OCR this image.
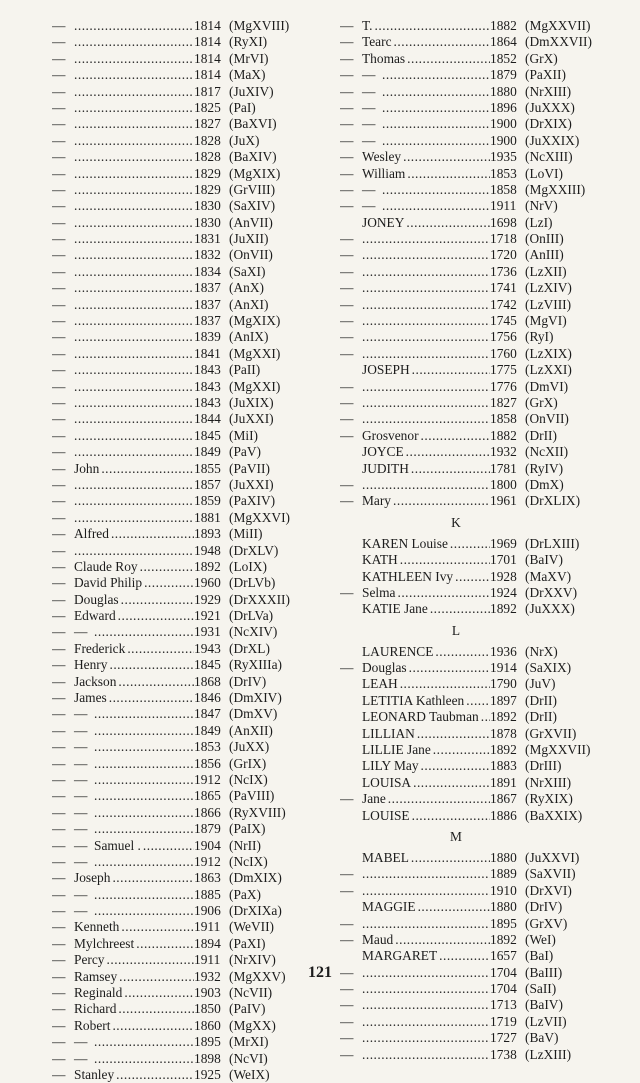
— .....	1814 (MgXVIII)
— .....	1814 (RyXI)
— .....	1814 (MrVI)
— .....	1814 (MaX)
— .....	1817 (JuXIV)
— .....	1825 (PaI)
— .....	1827 (BaXVI)
— .....	1828 (JuX)
— .....	1828 (BaXIV)
— .....	1829 (MgXIX)
— .....	1829 (GrVIII)
— .....	1830 (SaXIV)
— .....	1830 (AnVII)
— .....	1831 (JuXII)
— .....	1832 (OnVII)
— .....	1834 (SaXI)
— .....	1837 (AnX)
— .....	1837 (AnXI)
— .....	1837 (MgXIX)
— .....	1839 (AnIX)
— .....	1841 (MgXXI)
— .....	1843 (PaII)
— .....	1843 (MgXXI)
— .....	1843 (JuXIX)
— .....	1844 (JuXXI)
— .....	1845 (MiI)
— .....	1849 (PaV)
— John .....	1855 (PaVII)
— .....	1857 (JuXXI)
— .....	1859 (PaXIV)
— .....	1881 (MgXXVI)
— Alfred .....	1893 (MiII)
— .....	1948 (DrXLV)
— Claude Roy .....	1892 (LoIX)
— David Philip .....	1960 (DrLVb)
— Douglas .....	1929 (DrXXXII)
— Edward .....	1921 (DrLVa)
— — .....	1931 (NcXIV)
— Frederick .....	1943 (DrXL)
— Henry .....	1845 (RyXIIIa)
— Jackson .....	1868 (DrIV)
— James .....	1846 (DmXIV)
— — .....	1847 (DmXV)
— — .....	1849 (AnXII)
— — .....	1853 (JuXX)
— — .....	1856 (GrIX)
— — .....	1912 (NcIX)
— — .....	1865 (PaVIII)
— — .....	1866 (RyXVIII)
— — .....	1879 (PaIX)
— — Samuel . .....	1904 (NrII)
— — .....	1912 (NcIX)
— Joseph .....	1863 (DmXIX)
— — .....	1885 (PaX)
— — .....	1906 (DrXIXa)
— Kenneth .....	1911 (WeVII)
— Mylchreest .....	1894 (PaXI)
— Percy .....	1911 (NrXIV)
— Ramsey .....	1932 (MgXXV)
— Reginald .....	1903 (NcVII)
— Richard .....	1850 (PaIV)
— Robert .....	1860 (MgXX)
— — .....	1895 (MrXI)
— — .....	1898 (NcVI)
— Stanley .....	1925 (WeIX)
— T. .....	1882 (MgXXVII)
— Tearc .....	1864 (DmXXVII)
— Thomas .....	1852 (GrX)
— — .....	1879 (PaXII)
— — .....	1880 (NrXIII)
— — .....	1896 (JuXXX)
— — .....	1900 (DrXIX)
— — .....	1900 (JuXXIX)
— Wesley .....	1935 (NcXIII)
— William .....	1853 (LoVI)
— — .....	1858 (MgXXIII)
— — .....	1911 (NrV)
JONEY .....	1698 (LzI)
— .....	1718 (OnIII)
— .....	1720 (AnIII)
— .....	1736 (LzXII)
— .....	1741 (LzXIV)
— .....	1742 (LzVIII)
— .....	1745 (MgVI)
— .....	1756 (RyI)
— .....	1760 (LzXIX)
JOSEPH .....	1775 (LzXXI)
— .....	1776 (DmVI)
— .....	1827 (GrX)
— .....	1858 (OnVII)
— Grosvenor .....	1882 (DrII)
JOYCE .....	1932 (NcXII)
JUDITH .....	1781 (RyIV)
— .....	1800 (DmX)
— Mary .....	1961 (DrXLIX)
K
KAREN Louise .....	1969 (DrLXIII)
KATH .....	1701 (BaIV)
KATHLEEN Ivy .....	1928 (MaXV)
— Selma .....	1924 (DrXXV)
KATIE Jane .....	1892 (JuXXX)
L
LAURENCE .....	1936 (NrX)
— Douglas .....	1914 (SaXIX)
LEAH .....	1790 (JuV)
LETITIA Kathleen ..... 1897 (DrII)
LEONARD Taubman ..... 1892 (DrII)
LILLIAN .....	1878 (GrXVII)
LILLIE Jane .....	1892 (MgXXVII)
LILY May .....	1883 (DrIII)
LOUISA .....	1891 (NrXIII)
— Jane .....	1867 (RyXIX)
LOUISE .....	1886 (BaXXIX)
M
MABEL .....	1880 (JuXXVI)
— .....	1889 (SaXVII)
— .....	1910 (DrXVI)
MAGGIE .....	1880 (DrIV)
— .....	1895 (GrXV)
— Maud .....	1892 (WeI)
MARGARET .....	1657 (BaI)
— .....	1704 (BaIII)
— .....	1704 (SaII)
— .....	1713 (BaIV)
— .....	1719 (LzVII)
— .....	1727 (BaV)
— .....	1738 (LzXIII)
121
